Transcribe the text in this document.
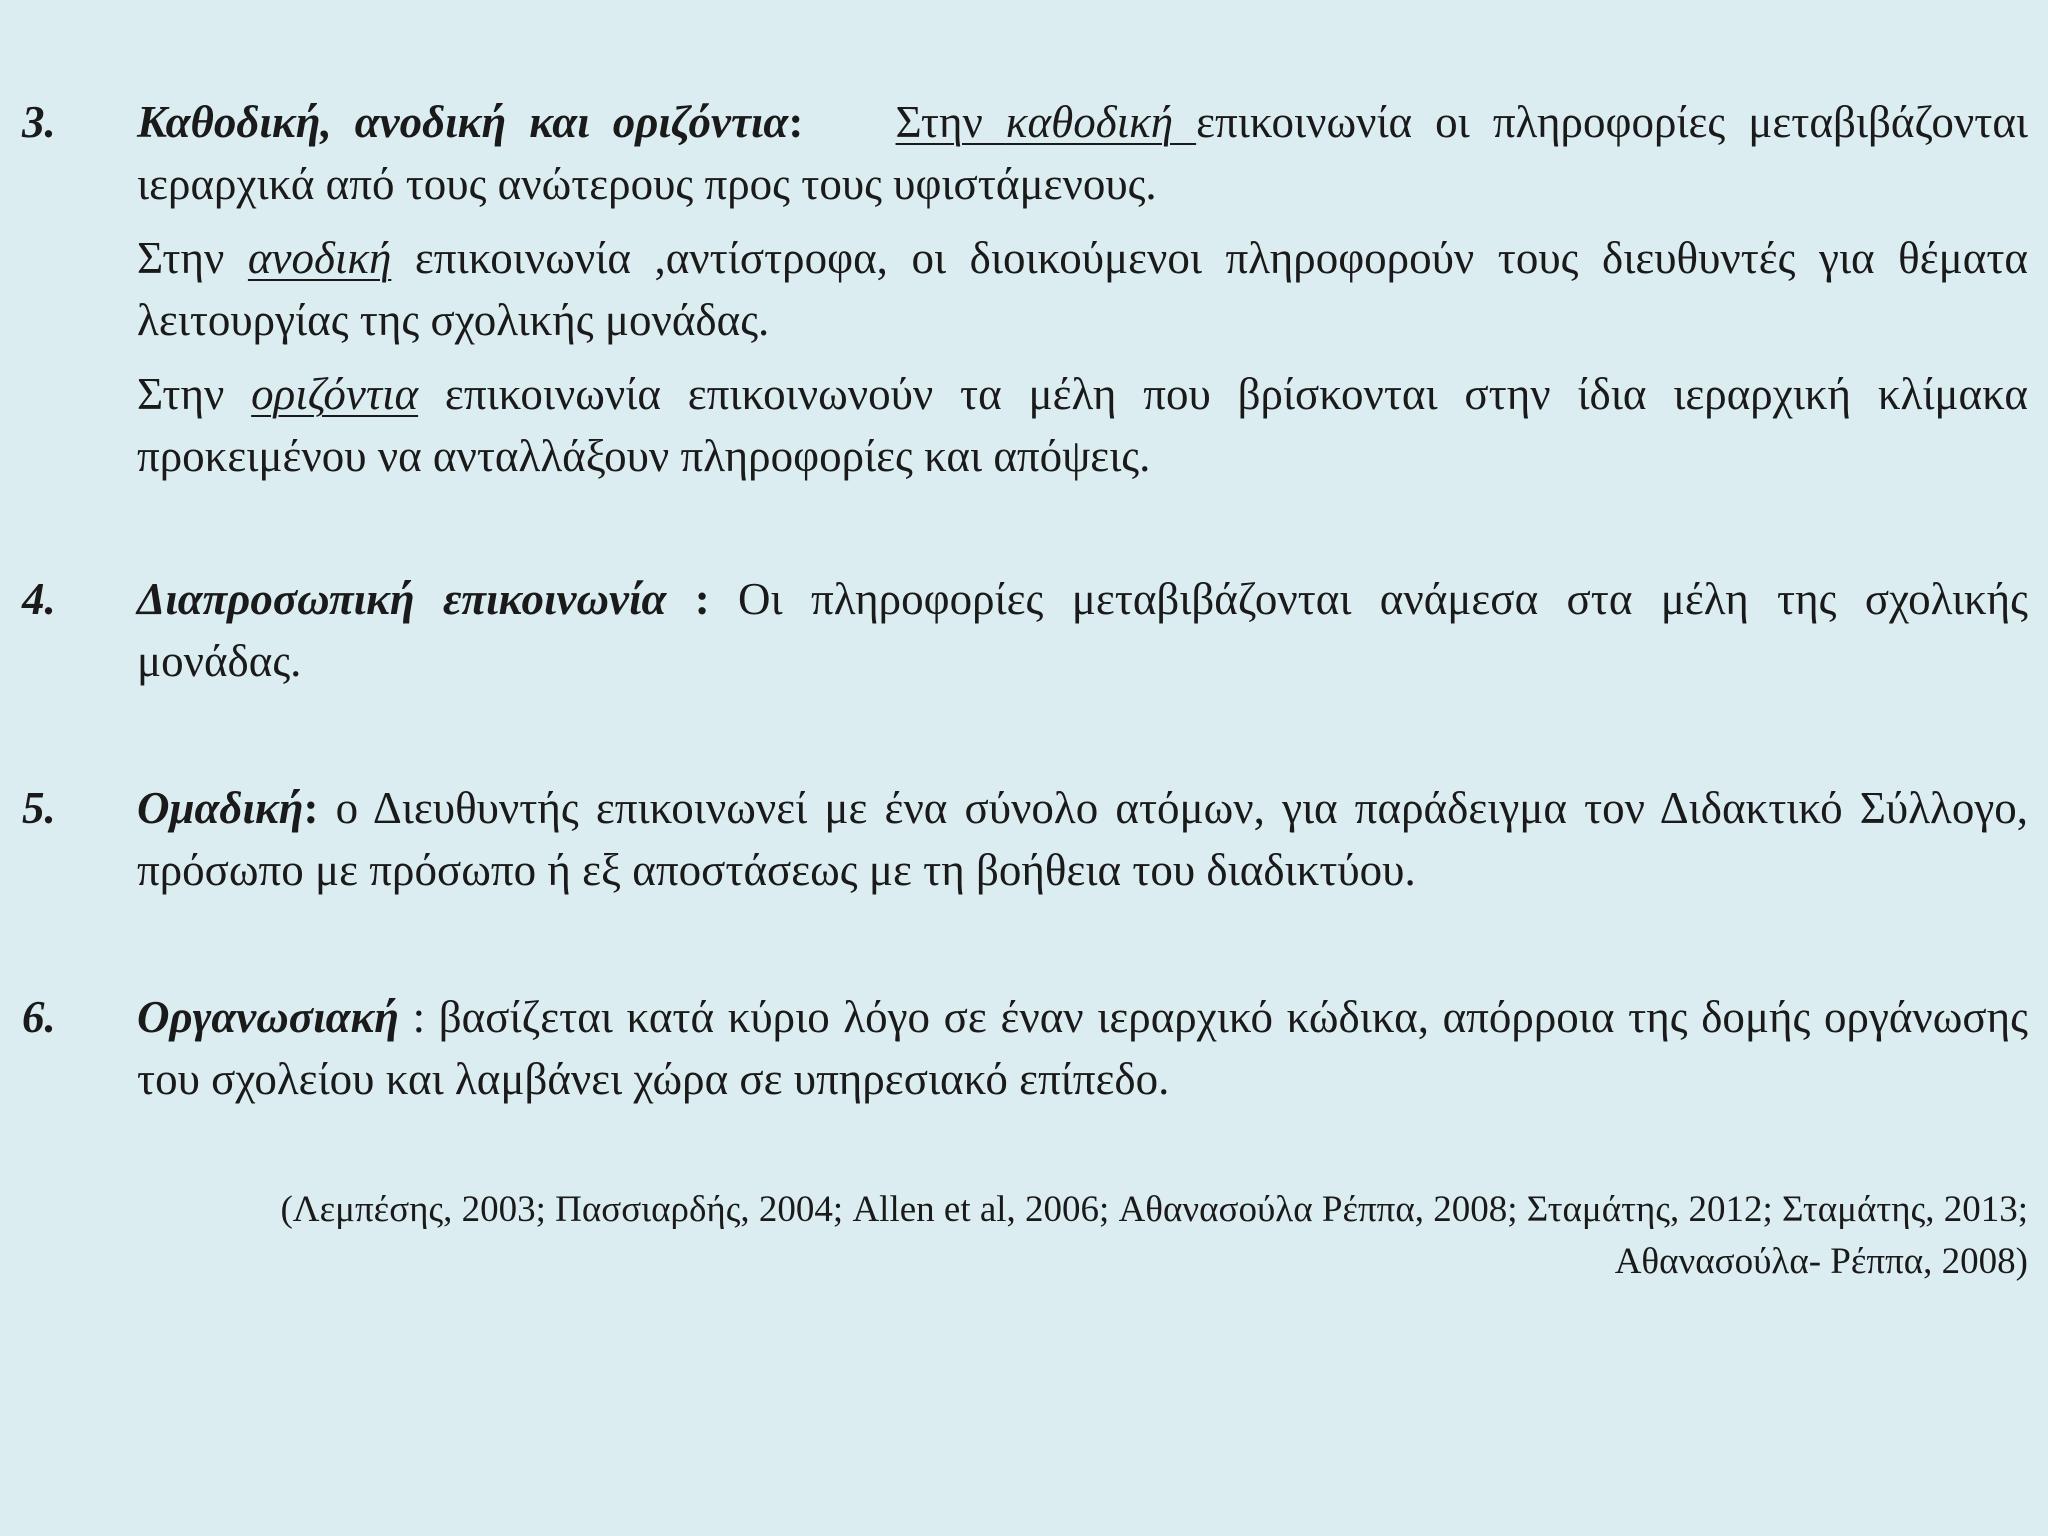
3. Καθοδική, ανοδική και οριζόντια: Στην καθοδική επικοινωνία οι πληροφορίες μεταβιβάζονται ιεραρχικά από τους ανώτερους προς τους υφιστάμενους.
Στην ανοδική επικοινωνία ,αντίστροφα, οι διοικούμενοι πληροφορούν τους διευθυντές για θέματα λειτουργίας της σχολικής μονάδας.
Στην οριζόντια επικοινωνία επικοινωνούν τα μέλη που βρίσκονται στην ίδια ιεραρχική κλίμακα προκειμένου να ανταλλάξουν πληροφορίες και απόψεις.
4. Διαπροσωπική επικοινωνία : Οι πληροφορίες μεταβιβάζονται ανάμεσα στα μέλη της σχολικής μονάδας.
5. Ομαδική: ο Διευθυντής επικοινωνεί με ένα σύνολο ατόμων, για παράδειγμα τον Διδακτικό Σύλλογο, πρόσωπο με πρόσωπο ή εξ αποστάσεως με τη βοήθεια του διαδικτύου.
6. Οργανωσιακή : βασίζεται κατά κύριο λόγο σε έναν ιεραρχικό κώδικα, απόρροια της δομής οργάνωσης του σχολείου και λαμβάνει χώρα σε υπηρεσιακό επίπεδο.
(Λεμπέσης, 2003; Πασσιαρδής, 2004; Allen et al, 2006; Αθανασούλα Ρέππα, 2008; Σταμάτης, 2012; Σταμάτης, 2013;
Αθανασούλα- Ρέππα, 2008)
